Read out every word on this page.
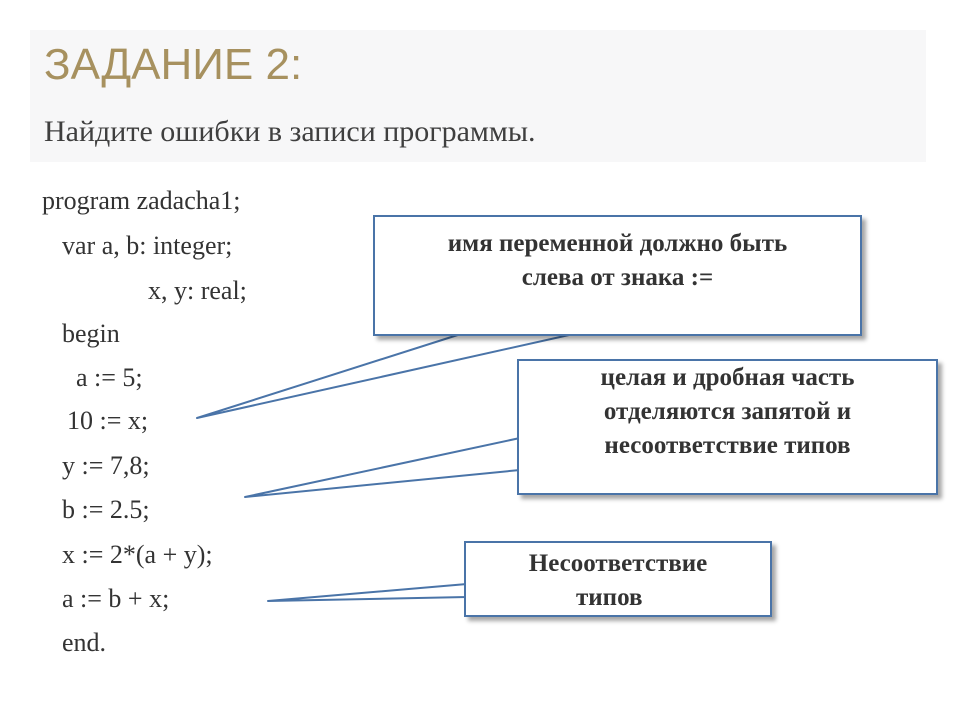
ЗАДАНИЕ 2:
Найдите ошибки в записи программы.
program zadacha1;
var a, b: integer;
x, y: real;
begin
a := 5;
10 := x;
y := 7,8;
b := 2.5;
x := 2*(a + y);
a := b + x;
end.
имя переменной должно быть
слева от знака :=
целая и дробная часть
отделяются запятой и
несоответствие типов
Несоответствие
типов
